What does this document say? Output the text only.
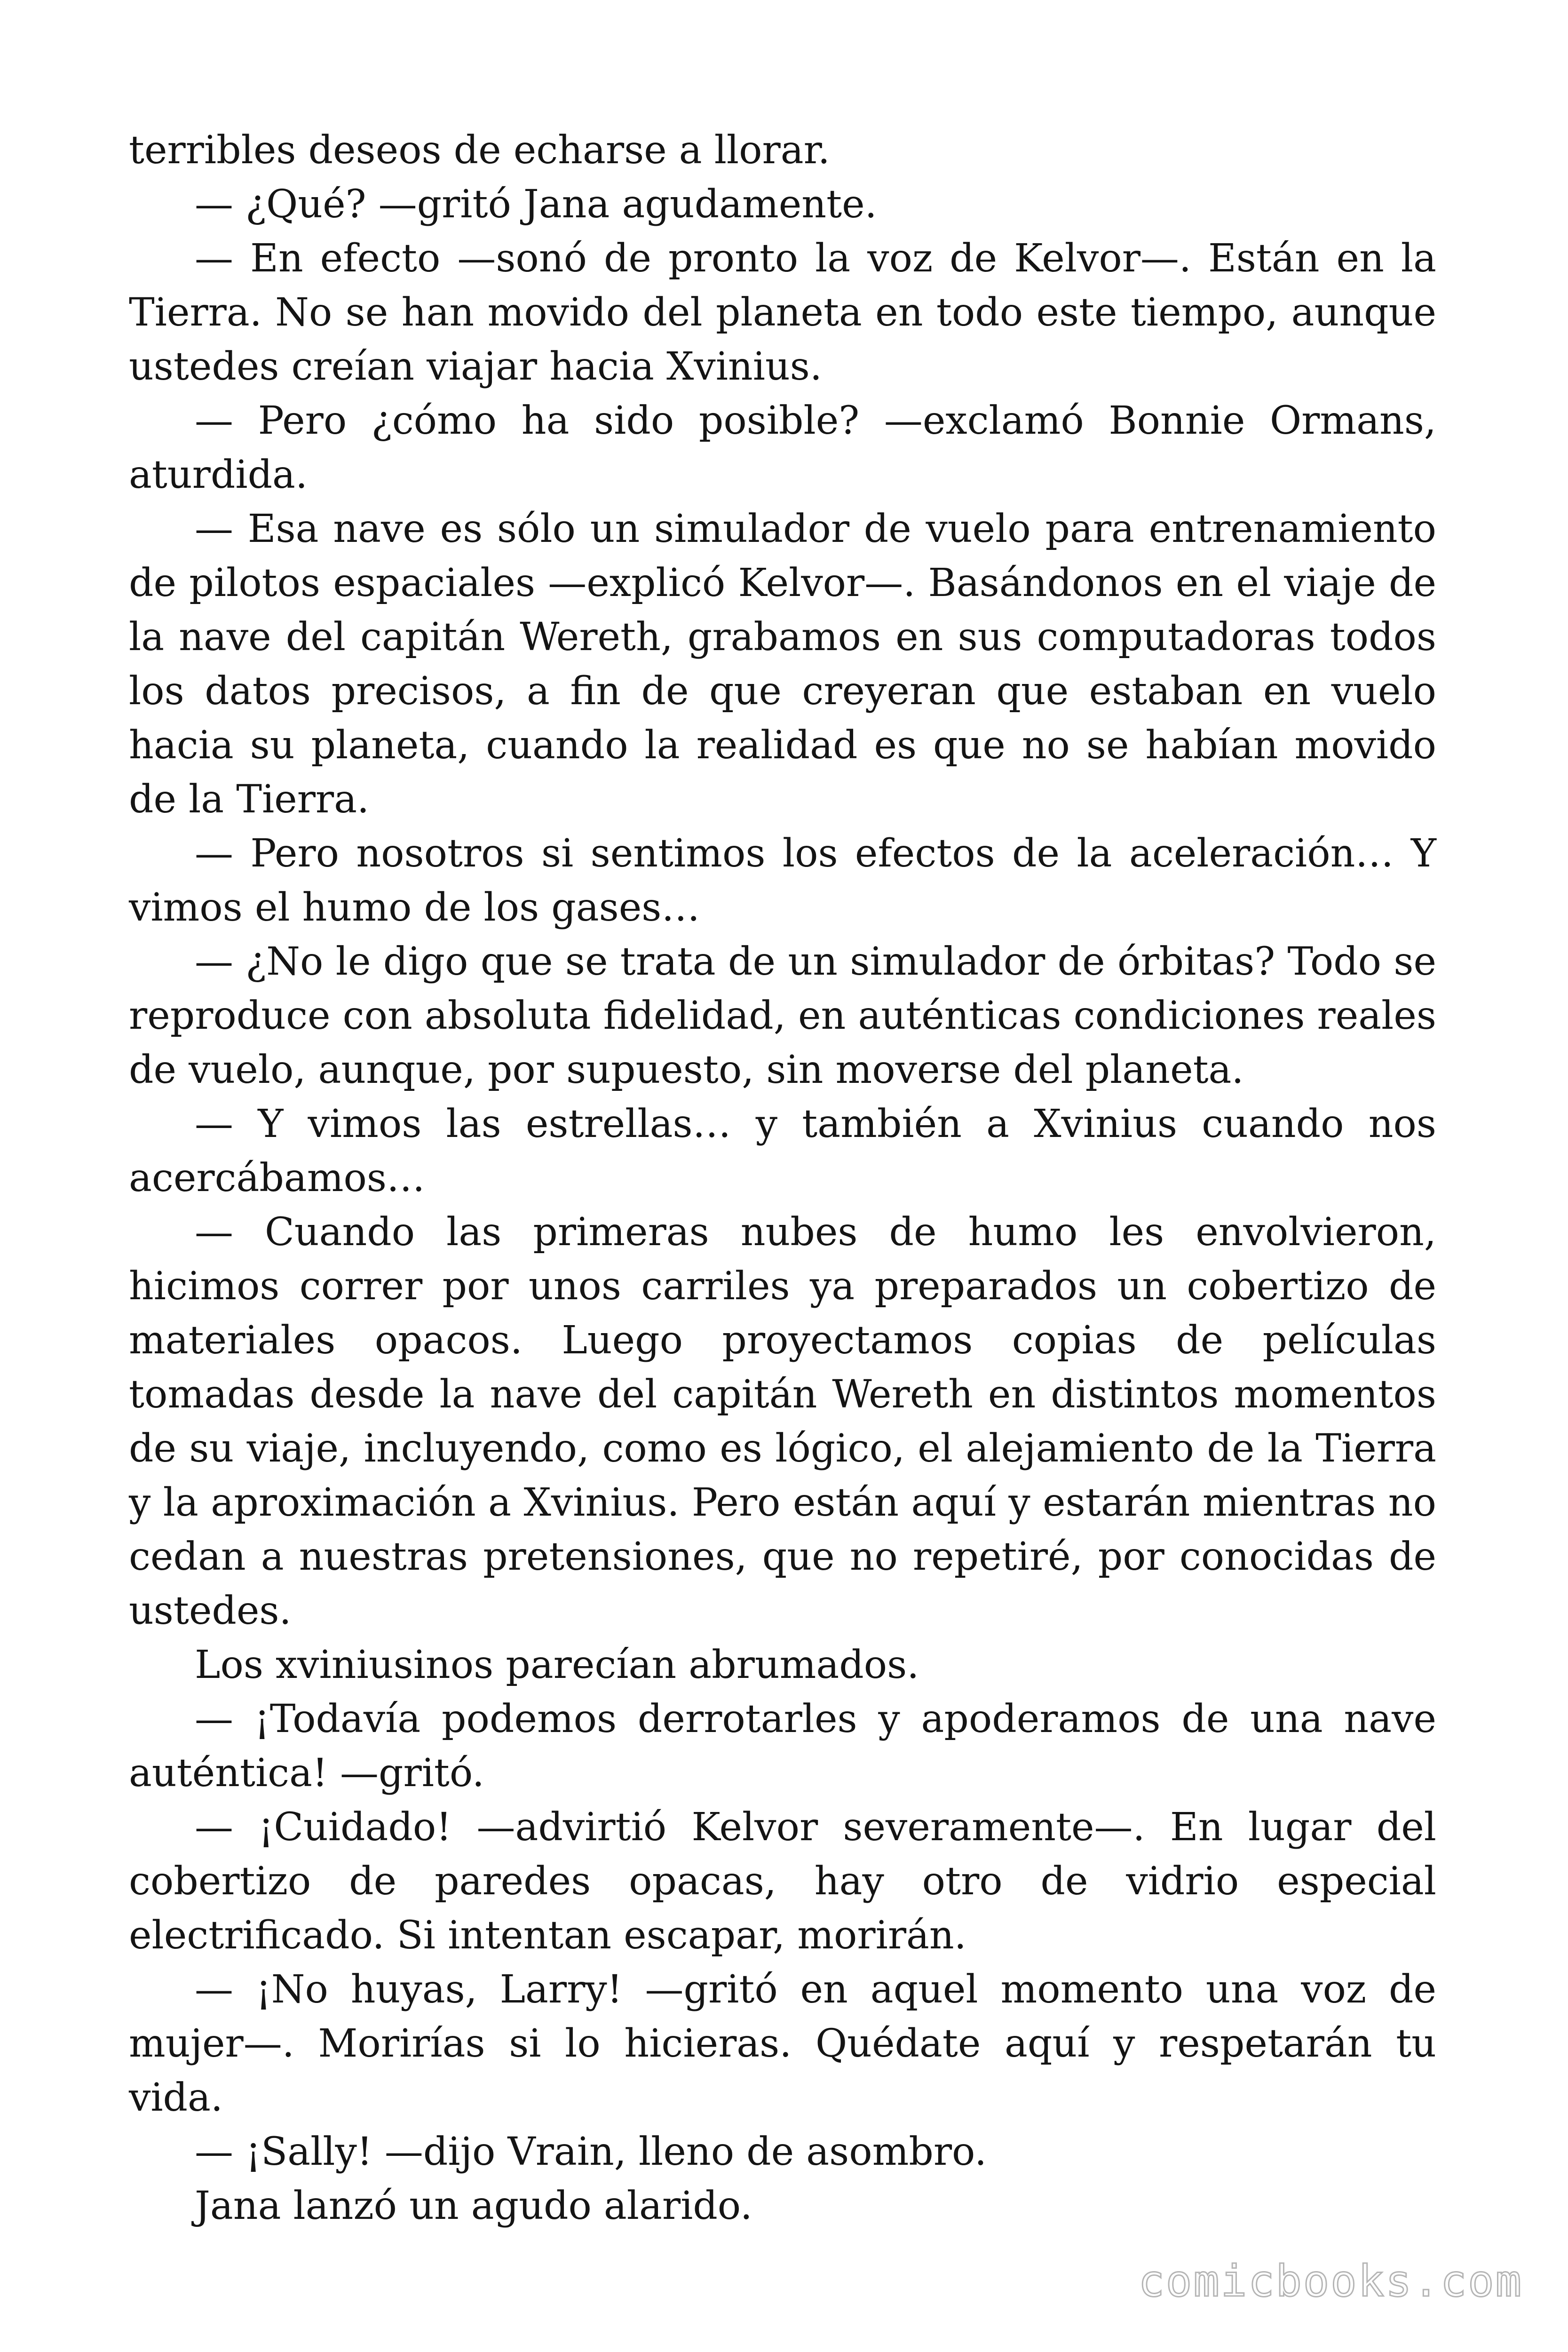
terribles deseos de echarse a llorar.

— ¿Qué? —gritó Jana agudamente.

— En efecto —sonó de pronto la voz de Kelvor—. Están en la Tierra. No se han movido del planeta en todo este tiempo, aunque ustedes creían viajar hacia Xvinius.

— Pero ¿cómo ha sido posible? —exclamó Bonnie Ormans, aturdida.

— Esa nave es sólo un simulador de vuelo para entrenamiento de pilotos espaciales —explicó Kelvor—. Basándonos en el viaje de la nave del capitán Wereth, grabamos en sus computadoras todos los datos precisos, a fin de que creyeran que estaban en vuelo hacia su planeta, cuando la realidad es que no se habían movido de la Tierra.

— Pero nosotros si sentimos los efectos de la aceleración… Y vimos el humo de los gases…

— ¿No le digo que se trata de un simulador de órbitas? Todo se reproduce con absoluta fidelidad, en auténticas condiciones reales de vuelo, aunque, por supuesto, sin moverse del planeta.

— Y vimos las estrellas… y también a Xvinius cuando nos acercábamos…

— Cuando las primeras nubes de humo les envolvieron, hicimos correr por unos carriles ya preparados un cobertizo de materiales opacos. Luego proyectamos copias de películas tomadas desde la nave del capitán Wereth en distintos momentos de su viaje, incluyendo, como es lógico, el alejamiento de la Tierra y la aproximación a Xvinius. Pero están aquí y estarán mientras no cedan a nuestras pretensiones, que no repetiré, por conocidas de ustedes.

Los xviniusinos parecían abrumados.

— ¡Todavía podemos derrotarles y apoderamos de una nave auténtica! —gritó.

— ¡Cuidado! —advirtió Kelvor severamente—. En lugar del cobertizo de paredes opacas, hay otro de vidrio especial electrificado. Si intentan escapar, morirán.

— ¡No huyas, Larry! —gritó en aquel momento una voz de mujer—. Morirías si lo hicieras. Quédate aquí y respetarán tu vida.

— ¡Sally! —dijo Vrain, lleno de asombro.

Jana lanzó un agudo alarido.

comicbooks.com
